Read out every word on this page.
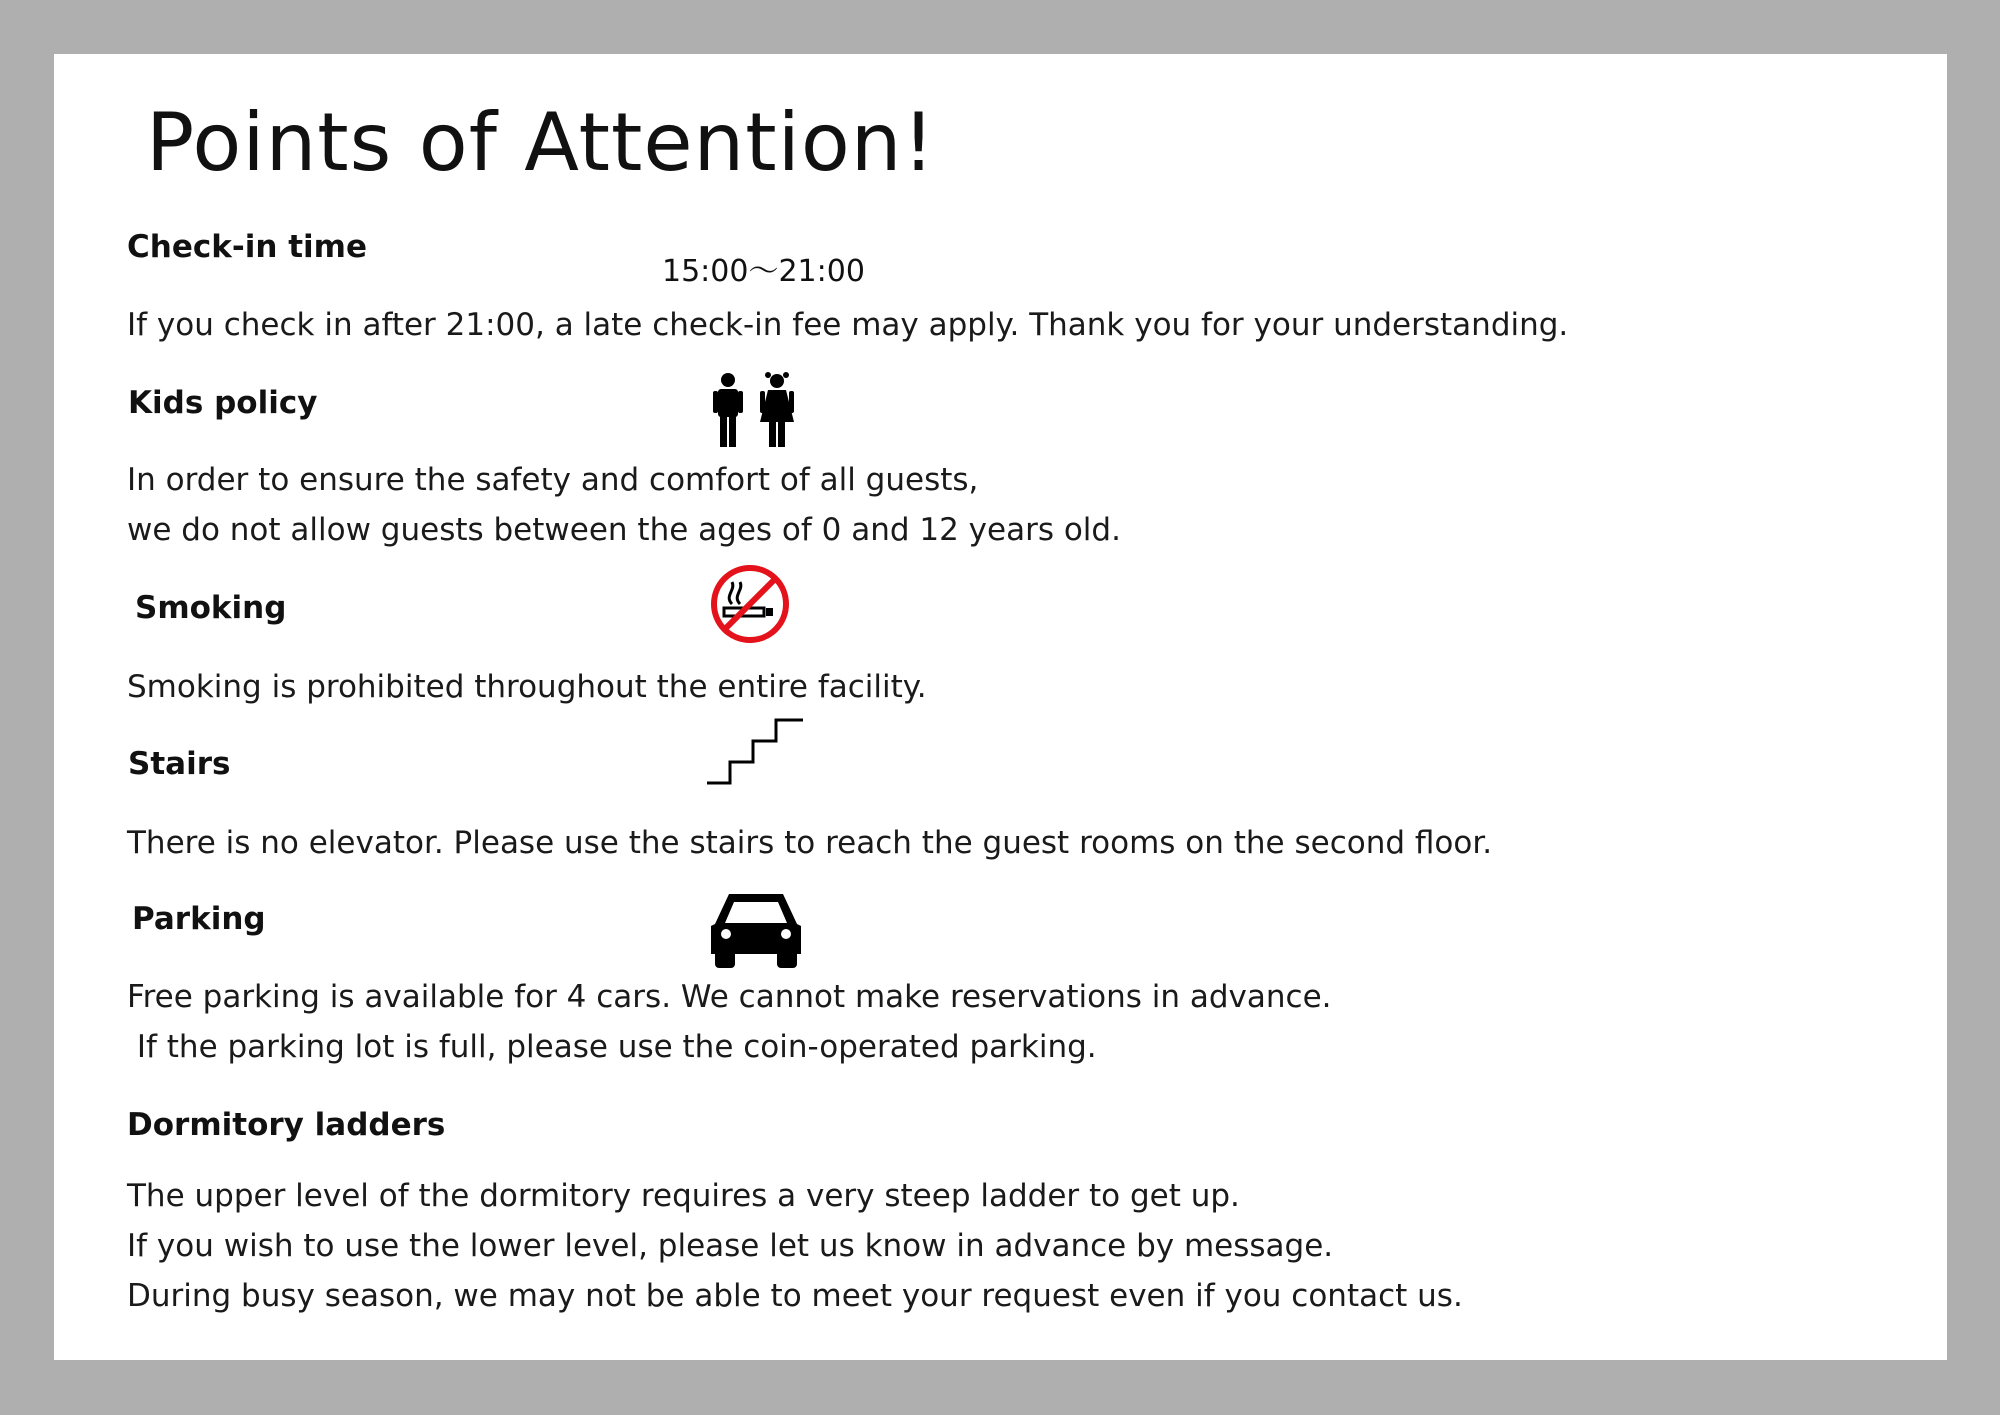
Points of Attention!
Check-in time
15:00〜21:00

If you check in after 21:00, a late check-in fee may apply. Thank you for your understanding.

Kids policy

In order to ensure the safety and comfort of all guests,
we do not allow guests between the ages of 0 and 12 years old.

Smoking

Smoking is prohibited throughout the entire facility.

Stairs

There is no elevator. Please use the stairs to reach the guest rooms on the second floor.

Parking

Free parking is available for 4 cars. We cannot make reservations in advance.
If the parking lot is full, please use the coin-operated parking.

Dormitory ladders

The upper level of the dormitory requires a very steep ladder to get up.
If you wish to use the lower level, please let us know in advance by message.
During busy season, we may not be able to meet your request even if you contact us.
